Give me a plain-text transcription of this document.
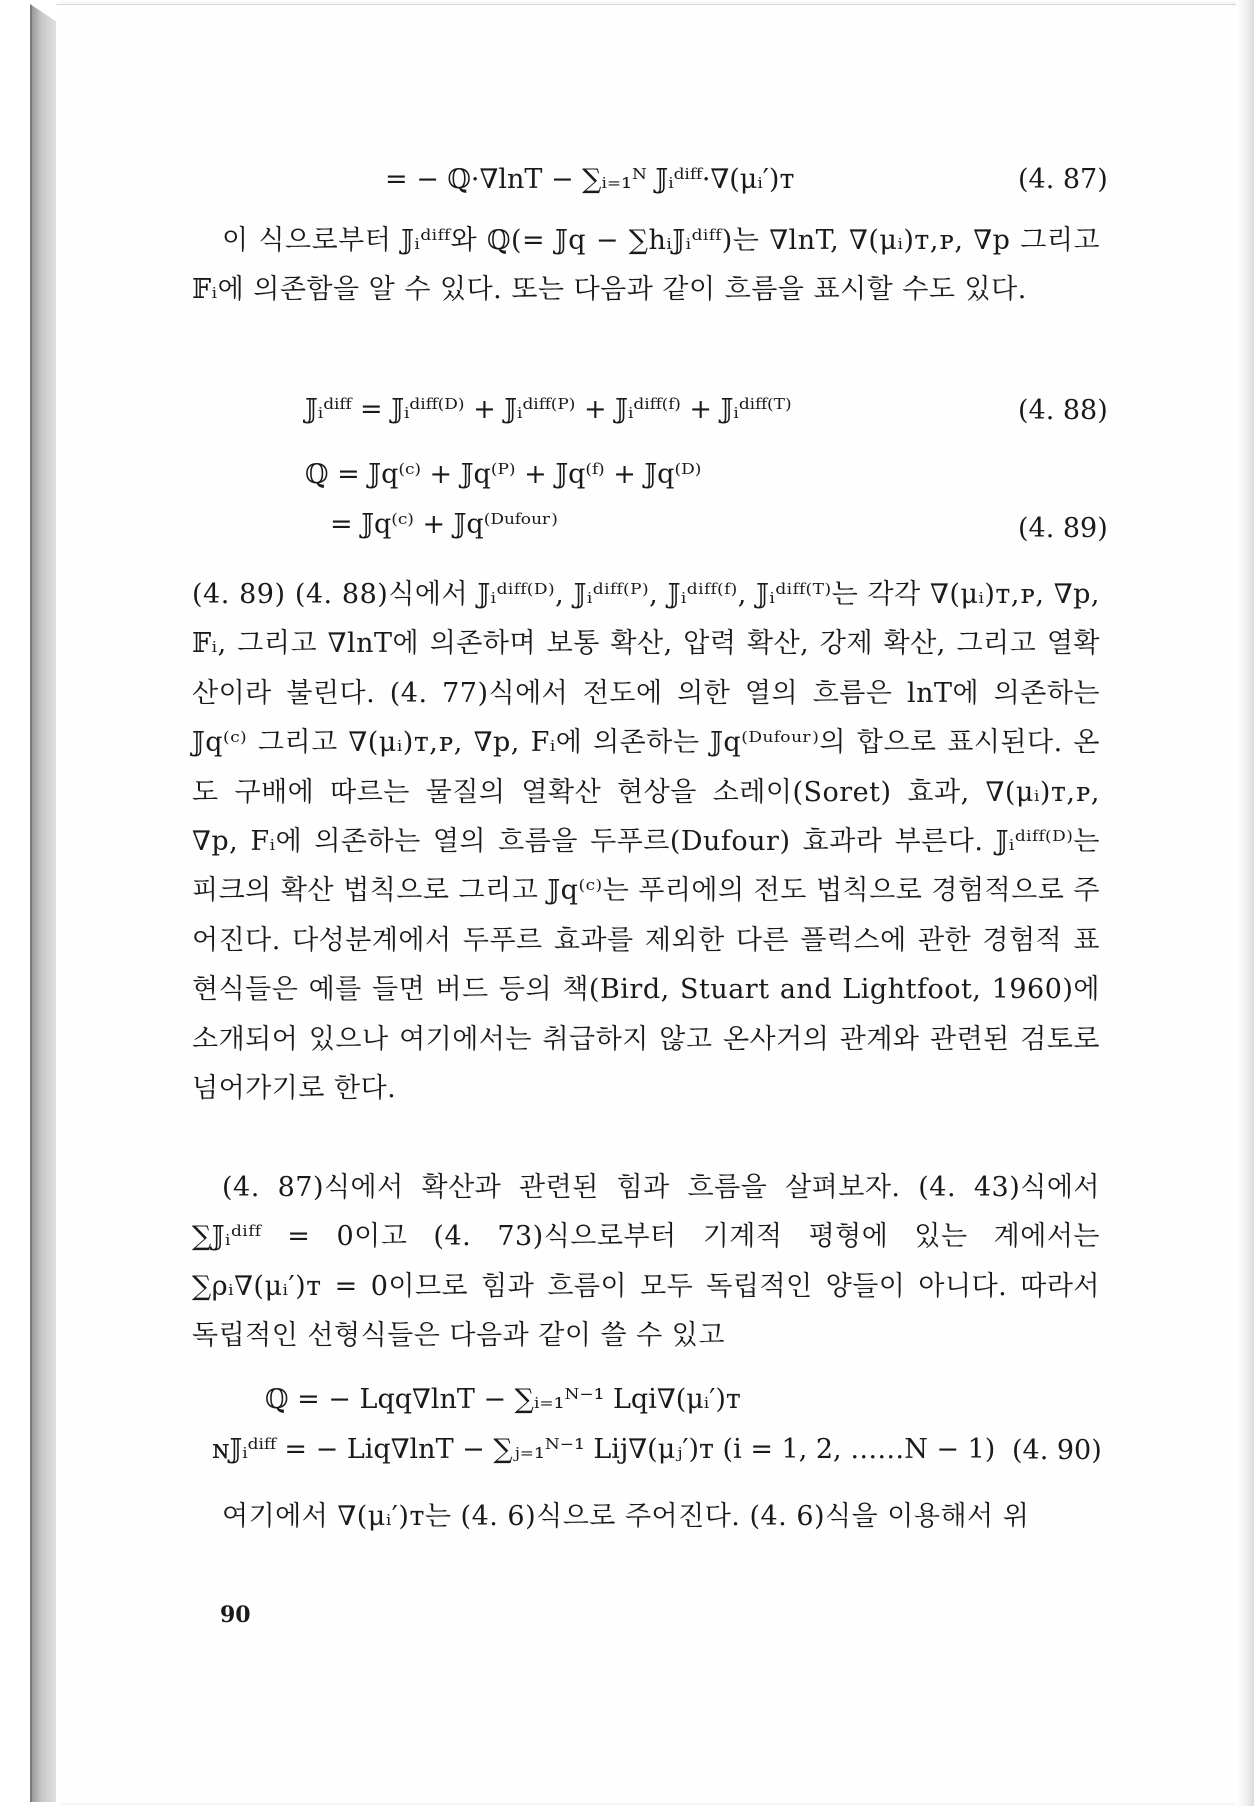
= − ℚ·∇lnT − ∑ᵢ₌₁ᴺ 𝕁ᵢᵈⁱᶠᶠ·∇(μᵢ′)ᴛ	(4. 87)

이 식으로부터 𝕁ᵢᵈⁱᶠᶠ와 ℚ(= 𝕁q − ∑hᵢ𝕁ᵢᵈⁱᶠᶠ)는 ∇lnT, ∇(μᵢ)ᴛ,ᴘ, ∇p 그리고 𝔽ᵢ에 의존함을 알 수 있다. 또는 다음과 같이 흐름을 표시할 수도 있다.

𝕁ᵢᵈⁱᶠᶠ = 𝕁ᵢᵈⁱᶠᶠ⁽ᴰ⁾ + 𝕁ᵢᵈⁱᶠᶠ⁽ᴾ⁾ + 𝕁ᵢᵈⁱᶠᶠ⁽ᶠ⁾ + 𝕁ᵢᵈⁱᶠᶠ⁽ᵀ⁾	(4. 88)
ℚ = 𝕁q⁽ᶜ⁾ + 𝕁q⁽ᴾ⁾ + 𝕁q⁽ᶠ⁾ + 𝕁q⁽ᴰ⁾
= 𝕁q⁽ᶜ⁾ + 𝕁q⁽ᴰᵘᶠᵒᵘʳ⁾	(4. 89)

(4. 89) (4. 88)식에서 𝕁ᵢᵈⁱᶠᶠ⁽ᴰ⁾, 𝕁ᵢᵈⁱᶠᶠ⁽ᴾ⁾, 𝕁ᵢᵈⁱᶠᶠ⁽ᶠ⁾, 𝕁ᵢᵈⁱᶠᶠ⁽ᵀ⁾는 각각 ∇(μᵢ)ᴛ,ᴘ, ∇p, 𝔽ᵢ, 그리고 ∇lnT에 의존하며 보통 확산, 압력 확산, 강제 확산, 그리고 열확산이라 불린다. (4. 77)식에서 전도에 의한 열의 흐름은 lnT에 의존하는 𝕁q⁽ᶜ⁾ 그리고 ∇(μᵢ)ᴛ,ᴘ, ∇p, Fᵢ에 의존하는 𝕁q⁽ᴰᵘᶠᵒᵘʳ⁾의 합으로 표시된다. 온도 구배에 따르는 물질의 열확산 현상을 소레이(Soret) 효과, ∇(μᵢ)ᴛ,ᴘ, ∇p, Fᵢ에 의존하는 열의 흐름을 두푸르(Dufour) 효과라 부른다. 𝕁ᵢᵈⁱᶠᶠ⁽ᴰ⁾는 피크의 확산 법칙으로 그리고 𝕁q⁽ᶜ⁾는 푸리에의 전도 법칙으로 경험적으로 주어진다. 다성분계에서 두푸르 효과를 제외한 다른 플럭스에 관한 경험적 표현식들은 예를 들면 버드 등의 책(Bird, Stuart and Lightfoot, 1960)에 소개되어 있으나 여기에서는 취급하지 않고 온사거의 관계와 관련된 검토로 넘어가기로 한다.

(4. 87)식에서 확산과 관련된 힘과 흐름을 살펴보자. (4. 43)식에서 ∑𝕁ᵢᵈⁱᶠᶠ = 0이고 (4. 73)식으로부터 기계적 평형에 있는 계에서는 ∑ρᵢ∇(μᵢ′)ᴛ = 0이므로 힘과 흐름이 모두 독립적인 양들이 아니다. 따라서 독립적인 선형식들은 다음과 같이 쓸 수 있고

ℚ = − Lqq∇lnT − ∑ᵢ₌₁ᴺ⁻¹ Lqi∇(μᵢ′)ᴛ
ɴ𝕁ᵢᵈⁱᶠᶠ = − Liq∇lnT − ∑ⱼ₌₁ᴺ⁻¹ Lij∇(μⱼ′)ᴛ (i = 1, 2, ……N − 1) (4. 90)

여기에서 ∇(μᵢ′)ᴛ는 (4. 6)식으로 주어진다. (4. 6)식을 이용해서 위

90
